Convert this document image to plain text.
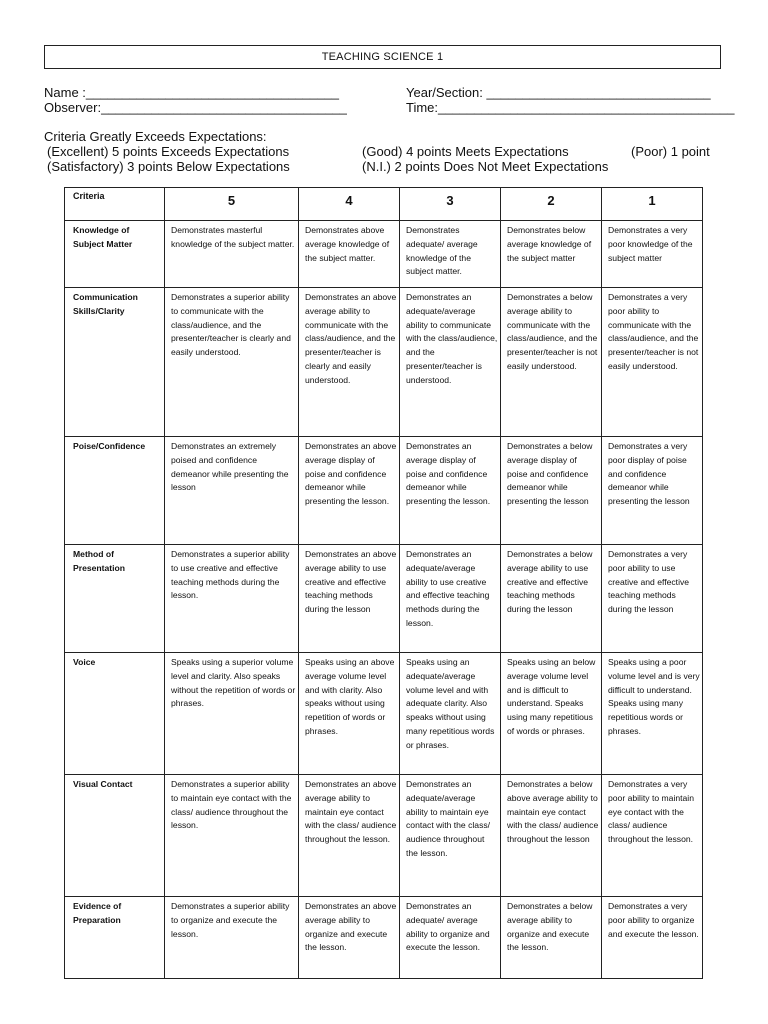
TEACHING SCIENCE 1
Name :___________________________________
Observer:__________________________________
Year/Section: _______________________________
Time:_________________________________________
Criteria Greatly Exceeds Expectations:
(Excellent) 5 points Exceeds Expectations	(Good) 4 points Meets Expectations	(Poor) 1 point
(Satisfactory) 3 points Below Expectations	(N.I.) 2 points Does Not Meet Expectations
Criteria	5	4	3	2	1

Knowledge of Subject Matter	Demonstrates masterful knowledge of the subject matter.	Demonstrates above average knowledge of the subject matter.	Demonstrates adequate/ average knowledge of the subject matter.	Demonstrates below average knowledge of the subject matter	Demonstrates a very poor knowledge of the subject matter

Communication Skills/Clarity	Demonstrates a superior ability to communicate with the class/audience, and the presenter/teacher is clearly and easily understood.	Demonstrates an above average ability to communicate with the class/audience, and the presenter/teacher is clearly and easily understood.	Demonstrates an adequate/average ability to communicate with the class/audience, and the presenter/teacher is understood.	Demonstrates a below average ability to communicate with the class/audience, and the presenter/teacher is not easily understood.	Demonstrates a very poor ability to communicate with the class/audience, and the presenter/teacher is not easily understood.

Poise/Confidence	Demonstrates an extremely poised and confidence demeanor while presenting the lesson	Demonstrates an above average display of poise and confidence demeanor while presenting the lesson.	Demonstrates an average display of poise and confidence demeanor while presenting the lesson.	Demonstrates a below average display of poise and confidence demeanor while presenting the lesson	Demonstrates a very poor display of poise and confidence demeanor while presenting the lesson

Method of Presentation	Demonstrates a superior ability to use creative and effective teaching methods during the lesson.	Demonstrates an above average ability to use creative and effective teaching methods during the lesson	Demonstrates an adequate/average ability to use creative and effective teaching methods during the lesson.	Demonstrates a below average ability to use creative and effective teaching methods during the lesson	Demonstrates a very poor ability to use creative and effective teaching methods during the lesson

Voice	Speaks using a superior volume level and clarity. Also speaks without the repetition of words or phrases.	Speaks using an above average volume level and with clarity. Also speaks without using repetition of words or phrases.	Speaks using an adequate/average volume level and with adequate clarity. Also speaks without using many repetitious words or phrases.	Speaks using an below average volume level and is difficult to understand. Speaks using many repetitious of words or phrases.	Speaks using a poor volume level and is very difficult to understand. Speaks using many repetitious words or phrases.

Visual Contact	Demonstrates a superior ability to maintain eye contact with the class/ audience throughout the lesson.	Demonstrates an above average ability to maintain eye contact with the class/ audience throughout the lesson.	Demonstrates an adequate/average ability to maintain eye contact with the class/ audience throughout the lesson.	Demonstrates a below above average ability to maintain eye contact with the class/ audience throughout the lesson	Demonstrates a very poor ability to maintain eye contact with the class/ audience throughout the lesson.

Evidence of Preparation	Demonstrates a superior ability to organize and execute the lesson.	Demonstrates an above average ability to organize and execute the lesson.	Demonstrates an adequate/ average ability to organize and execute the lesson.	Demonstrates a below average ability to organize and execute the lesson.	Demonstrates a very poor ability to organize and execute the lesson.
